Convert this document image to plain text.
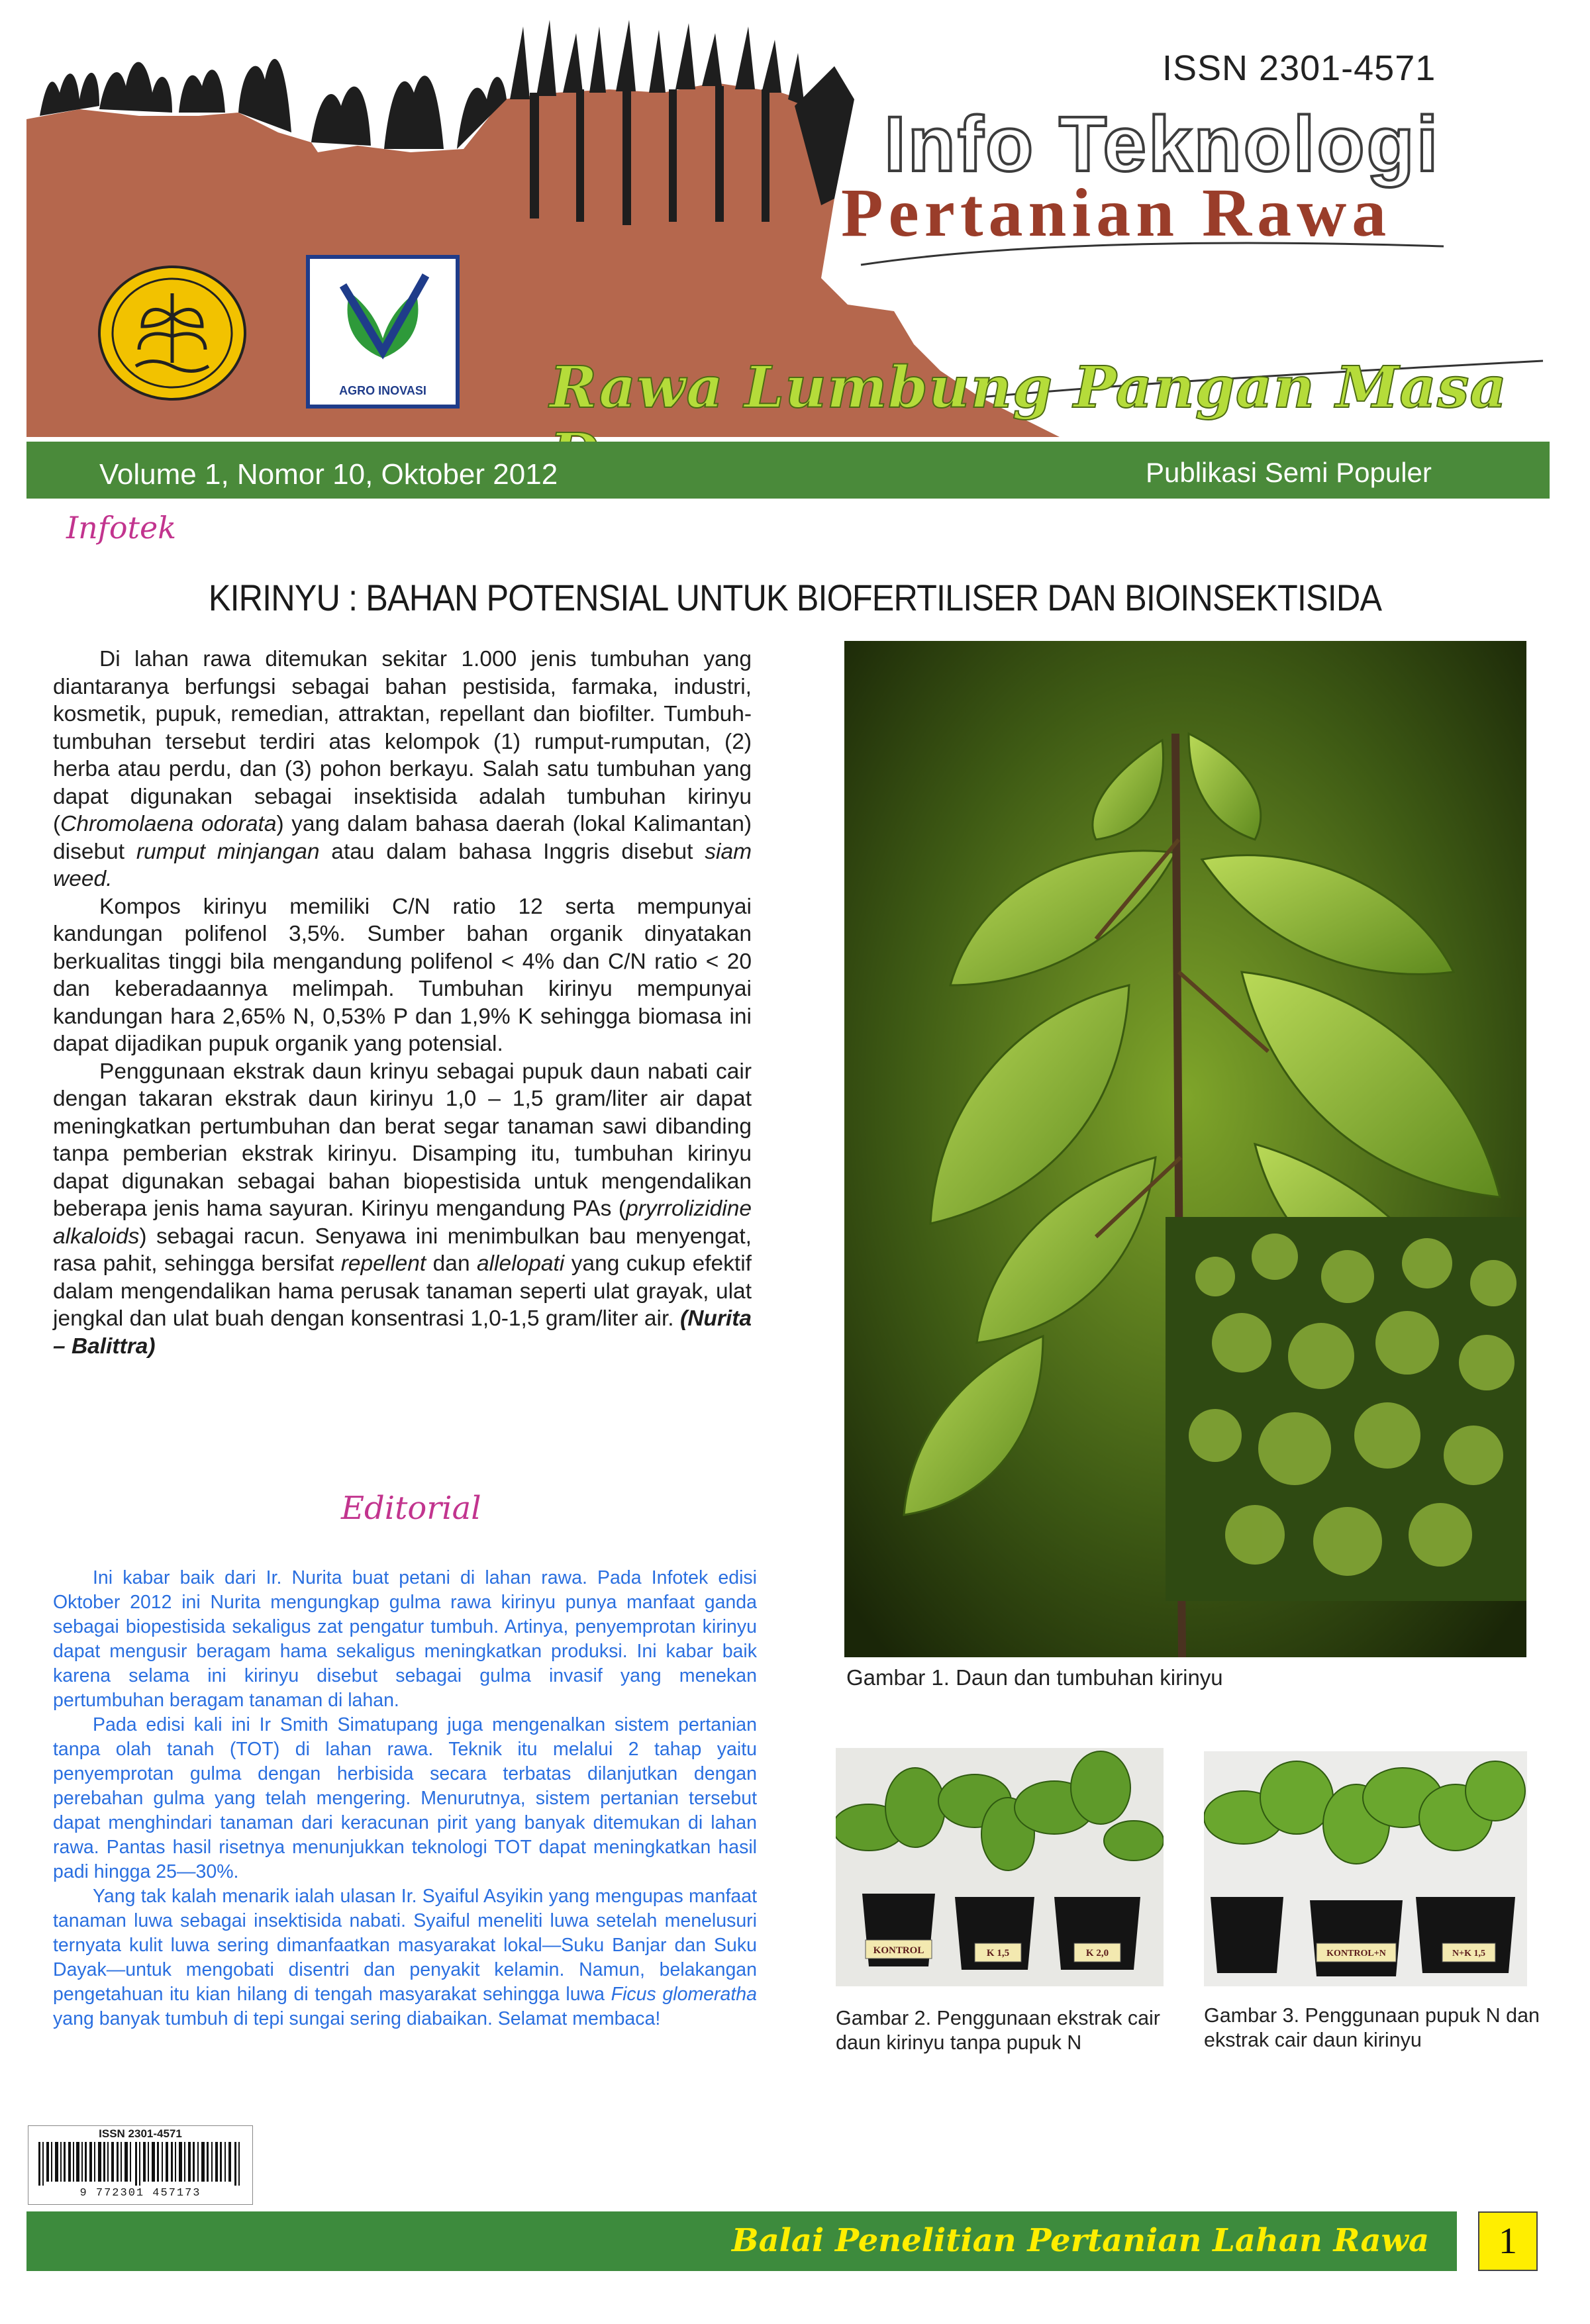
ISSN 2301-4571
Info Teknologi
Pertanian Rawa
Rawa Lumbung Pangan Masa
AGRO INOVASI
Volume 1, Nomor 10, Oktober 2012	Publikasi Semi Populer
Infotek
KIRINYU : BAHAN POTENSIAL UNTUK BIOFERTILISER DAN BIOINSEKTISIDA

Di lahan rawa ditemukan sekitar 1.000 jenis tumbuhan yang diantaranya berfungsi sebagai bahan pestisida, farmaka, industri, kosmetik, pupuk, remedian, attraktan, repellant dan biofilter. Tumbuh-tumbuhan tersebut terdiri atas kelompok (1) rumput-rumputan, (2) herba atau perdu, dan (3) pohon berkayu. Salah satu tumbuhan yang dapat digunakan sebagai insektisida adalah tumbuhan kirinyu (Chromolaena odorata) yang dalam bahasa daerah (lokal Kalimantan) disebut rumput minjangan atau dalam bahasa Inggris disebut siam weed.

Kompos kirinyu memiliki C/N ratio 12 serta mempunyai kandungan polifenol 3,5%. Sumber bahan organik dinyatakan berkualitas tinggi bila mengandung polifenol < 4% dan C/N ratio < 20 dan keberadaannya melimpah. Tumbuhan kirinyu mempunyai kandungan hara 2,65% N, 0,53% P dan 1,9% K sehingga biomasa ini dapat dijadikan pupuk organik yang potensial.

Penggunaan ekstrak daun krinyu sebagai pupuk daun nabati cair dengan takaran ekstrak daun kirinyu 1,0 – 1,5 gram/liter air dapat meningkatkan pertumbuhan dan berat segar tanaman sawi dibanding tanpa pemberian ekstrak kirinyu. Disamping itu, tumbuhan kirinyu dapat digunakan sebagai bahan biopestisida untuk mengendalikan beberapa jenis hama sayuran. Kirinyu mengandung PAs (pryrrolizidine alkaloids) sebagai racun. Senyawa ini menimbulkan bau menyengat, rasa pahit, sehingga bersifat repellent dan allelopati yang cukup efektif dalam mengendalikan hama perusak tanaman seperti ulat grayak, ulat jengkal dan ulat buah dengan konsentrasi 1,0-1,5 gram/liter air. (Nurita – Balittra)

Editorial

Ini kabar baik dari Ir. Nurita buat petani di lahan rawa. Pada Infotek edisi Oktober 2012 ini Nurita mengungkap gulma rawa kirinyu punya manfaat ganda sebagai biopestisida sekaligus zat pengatur tumbuh. Artinya, penyemprotan kirinyu dapat mengusir beragam hama sekaligus meningkatkan produksi. Ini kabar baik karena selama ini kirinyu disebut sebagai gulma invasif yang menekan pertumbuhan beragam tanaman di lahan.

Pada edisi kali ini Ir Smith Simatupang juga mengenalkan sistem pertanian tanpa olah tanah (TOT) di lahan rawa. Teknik itu melalui 2 tahap yaitu penyemprotan gulma dengan herbisida secara terbatas dilanjutkan dengan perebahan gulma yang telah mengering. Menurutnya, sistem pertanian tersebut dapat menghindari tanaman dari keracunan pirit yang banyak ditemukan di lahan rawa. Pantas hasil risetnya menunjukkan teknologi TOT dapat meningkatkan hasil padi hingga 25—30%.

Yang tak kalah menarik ialah ulasan Ir. Syaiful Asyikin yang mengupas manfaat tanaman luwa sebagai insektisida nabati. Syaiful meneliti luwa setelah menelusuri ternyata kulit luwa sering dimanfaatkan masyarakat lokal—Suku Banjar dan Suku Dayak—untuk mengobati disentri dan penyakit kelamin. Namun, belakangan pengetahuan itu kian hilang di tengah masyarakat sehingga luwa Ficus glomeratha yang banyak tumbuh di tepi sungai sering diabaikan. Selamat membaca!

Gambar 1. Daun dan tumbuhan kirinyu
KONTROL	K 1,5	K 2,0
Gambar 2. Penggunaan ekstrak cair daun kirinyu tanpa pupuk N
KONTROL+N	N+K 1,5
Gambar 3. Penggunaan pupuk N dan ekstrak cair daun kirinyu
ISSN 2301-4571
9 772301 457173
Balai Penelitian Pertanian Lahan Rawa	1
